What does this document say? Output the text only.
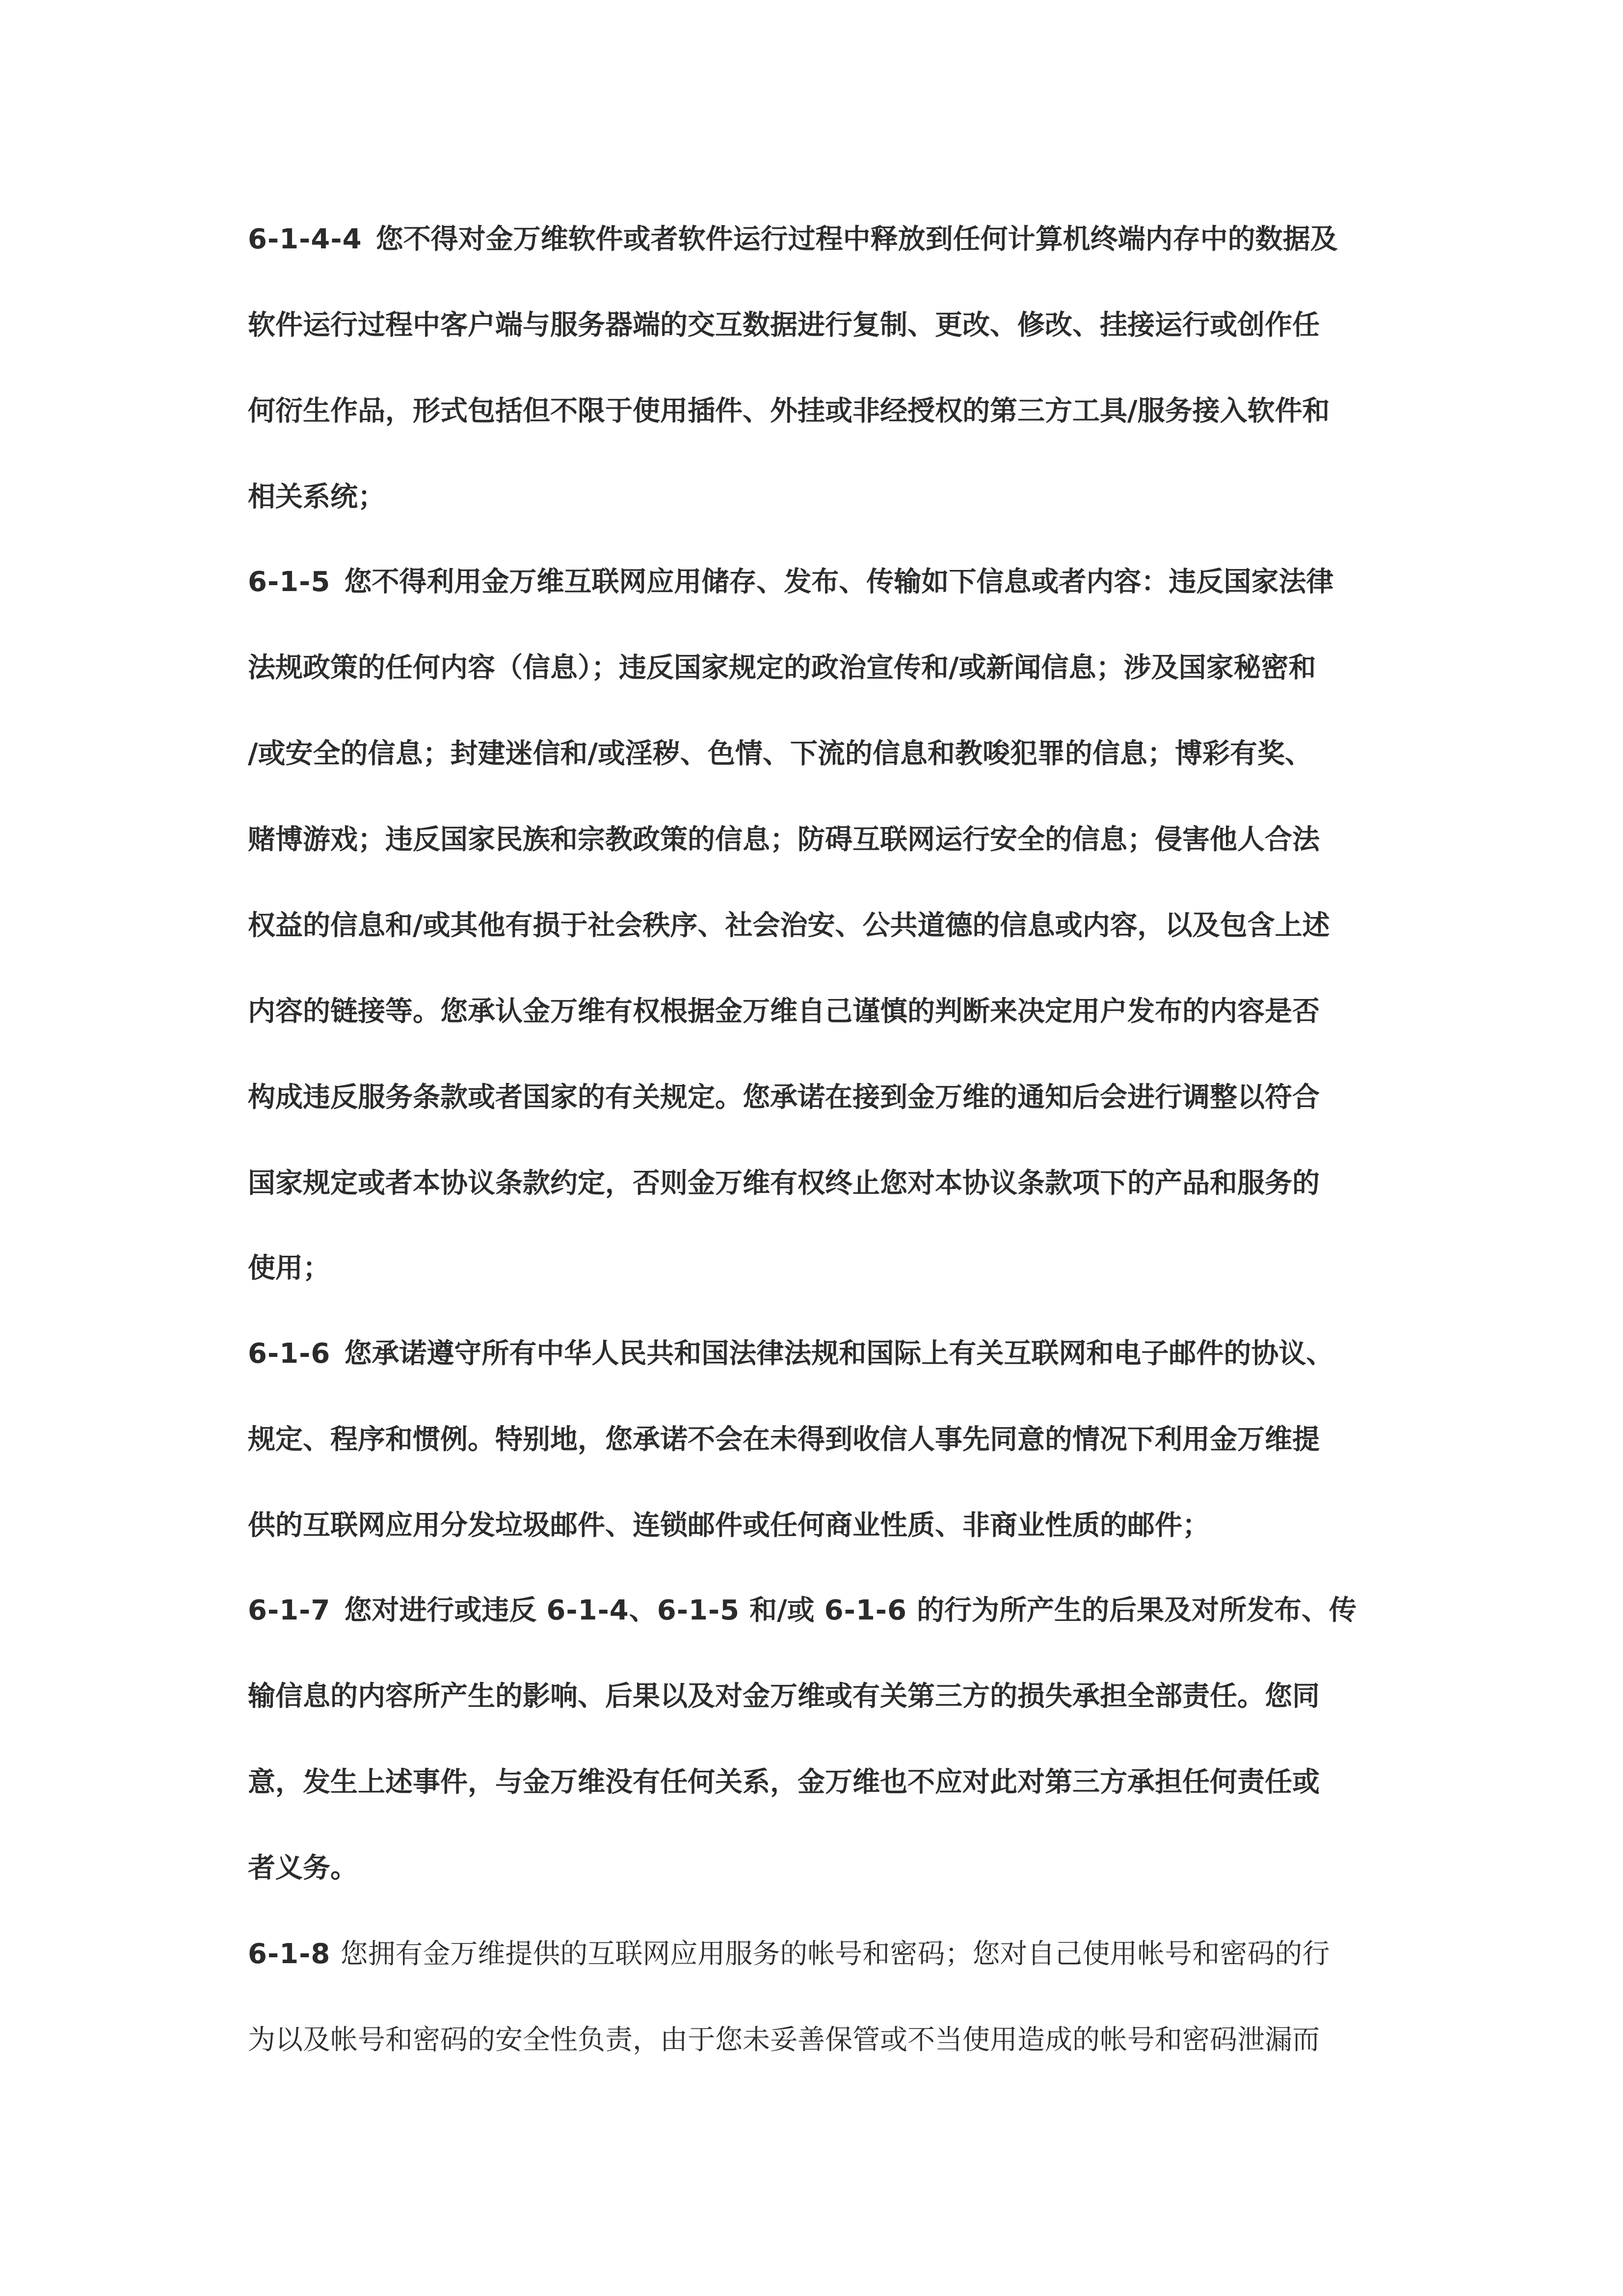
6-1-4-4 您不得对金万维软件或者软件运行过程中释放到任何计算机终端内存中的数据及
软件运行过程中客户端与服务器端的交互数据进行复制、更改、修改、挂接运行或创作任
何衍生作品，形式包括但不限于使用插件、外挂或非经授权的第三方工具/服务接入软件和
相关系统；
6-1-5 您不得利用金万维互联网应用储存、发布、传输如下信息或者内容：违反国家法律
法规政策的任何内容（信息）；违反国家规定的政治宣传和/或新闻信息；涉及国家秘密和
/或安全的信息；封建迷信和/或淫秽、色情、下流的信息和教唆犯罪的信息；博彩有奖、
赌博游戏；违反国家民族和宗教政策的信息；防碍互联网运行安全的信息；侵害他人合法
权益的信息和/或其他有损于社会秩序、社会治安、公共道德的信息或内容，以及包含上述
内容的链接等。您承认金万维有权根据金万维自己谨慎的判断来决定用户发布的内容是否
构成违反服务条款或者国家的有关规定。您承诺在接到金万维的通知后会进行调整以符合
国家规定或者本协议条款约定，否则金万维有权终止您对本协议条款项下的产品和服务的
使用；
6-1-6 您承诺遵守所有中华人民共和国法律法规和国际上有关互联网和电子邮件的协议、
规定、程序和惯例。特别地，您承诺不会在未得到收信人事先同意的情况下利用金万维提
供的互联网应用分发垃圾邮件、连锁邮件或任何商业性质、非商业性质的邮件；
6-1-7 您对进行或违反 6-1-4、6-1-5 和/或 6-1-6 的行为所产生的后果及对所发布、传
输信息的内容所产生的影响、后果以及对金万维或有关第三方的损失承担全部责任。您同
意，发生上述事件，与金万维没有任何关系，金万维也不应对此对第三方承担任何责任或
者义务。
6-1-8 您拥有金万维提供的互联网应用服务的帐号和密码；您对自己使用帐号和密码的行
为以及帐号和密码的安全性负责，由于您未妥善保管或不当使用造成的帐号和密码泄漏而
